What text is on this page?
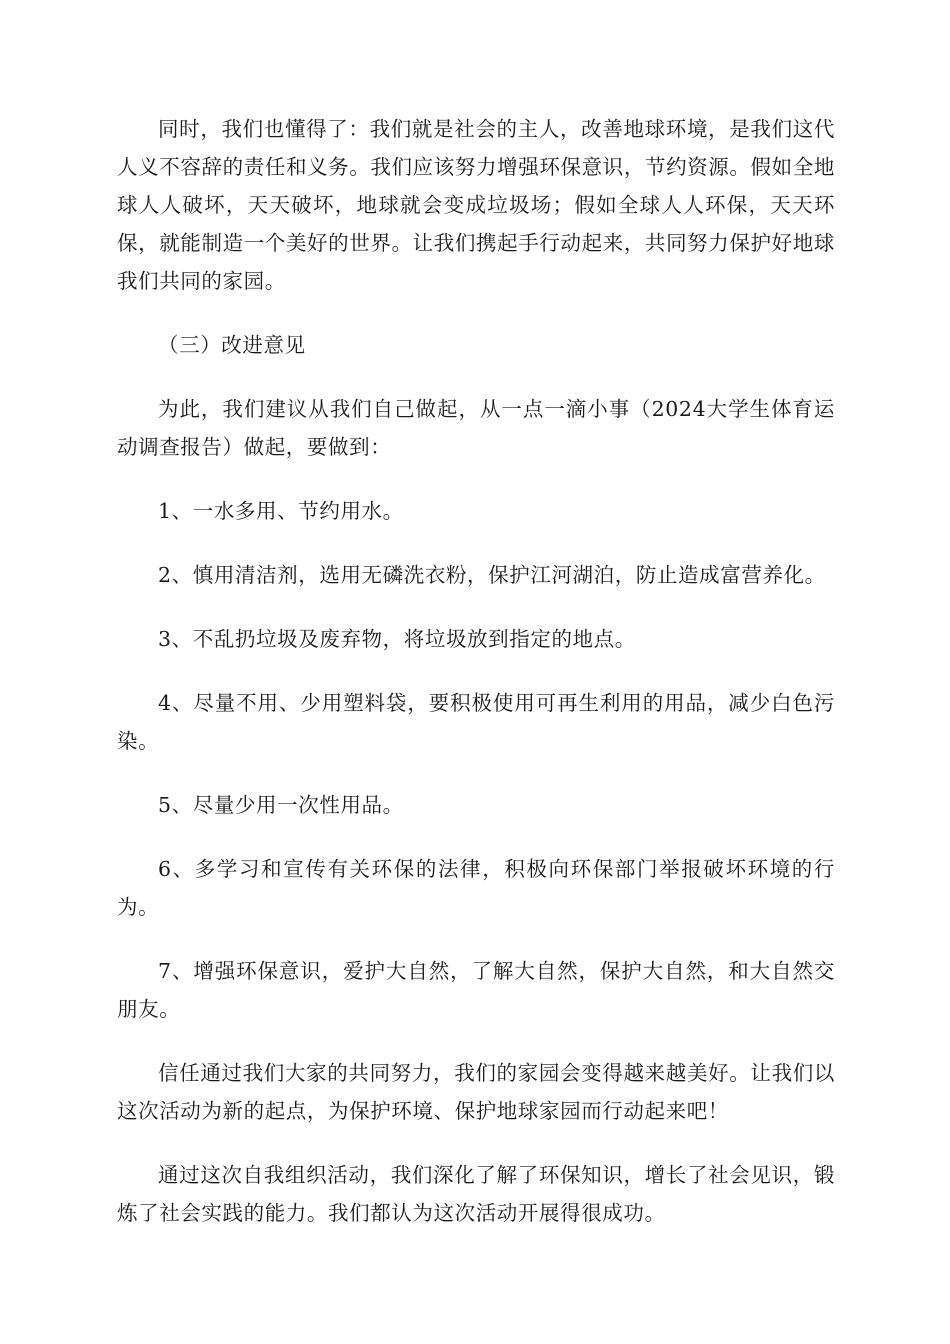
同时，我们也懂得了：我们就是社会的主人，改善地球环境，是我们这代人义不容辞的责任和义务。我们应该努力增强环保意识，节约资源。假如全地球人人破坏，天天破坏，地球就会变成垃圾场；假如全球人人环保，天天环保，就能制造一个美好的世界。让我们携起手行动起来，共同努力保护好地球我们共同的家园。

（三）改进意见

为此，我们建议从我们自己做起，从一点一滴小事（2024大学生体育运动调查报告）做起，要做到：

1、一水多用、节约用水。

2、慎用清洁剂，选用无磷洗衣粉，保护江河湖泊，防止造成富营养化。

3、不乱扔垃圾及废弃物，将垃圾放到指定的地点。

4、尽量不用、少用塑料袋，要积极使用可再生利用的用品，减少白色污染。

5、尽量少用一次性用品。

6、多学习和宣传有关环保的法律，积极向环保部门举报破坏环境的行为。

7、增强环保意识，爱护大自然，了解大自然，保护大自然，和大自然交朋友。

信任通过我们大家的共同努力，我们的家园会变得越来越美好。让我们以这次活动为新的起点，为保护环境、保护地球家园而行动起来吧！

通过这次自我组织活动，我们深化了解了环保知识，增长了社会见识，锻炼了社会实践的能力。我们都认为这次活动开展得很成功。
